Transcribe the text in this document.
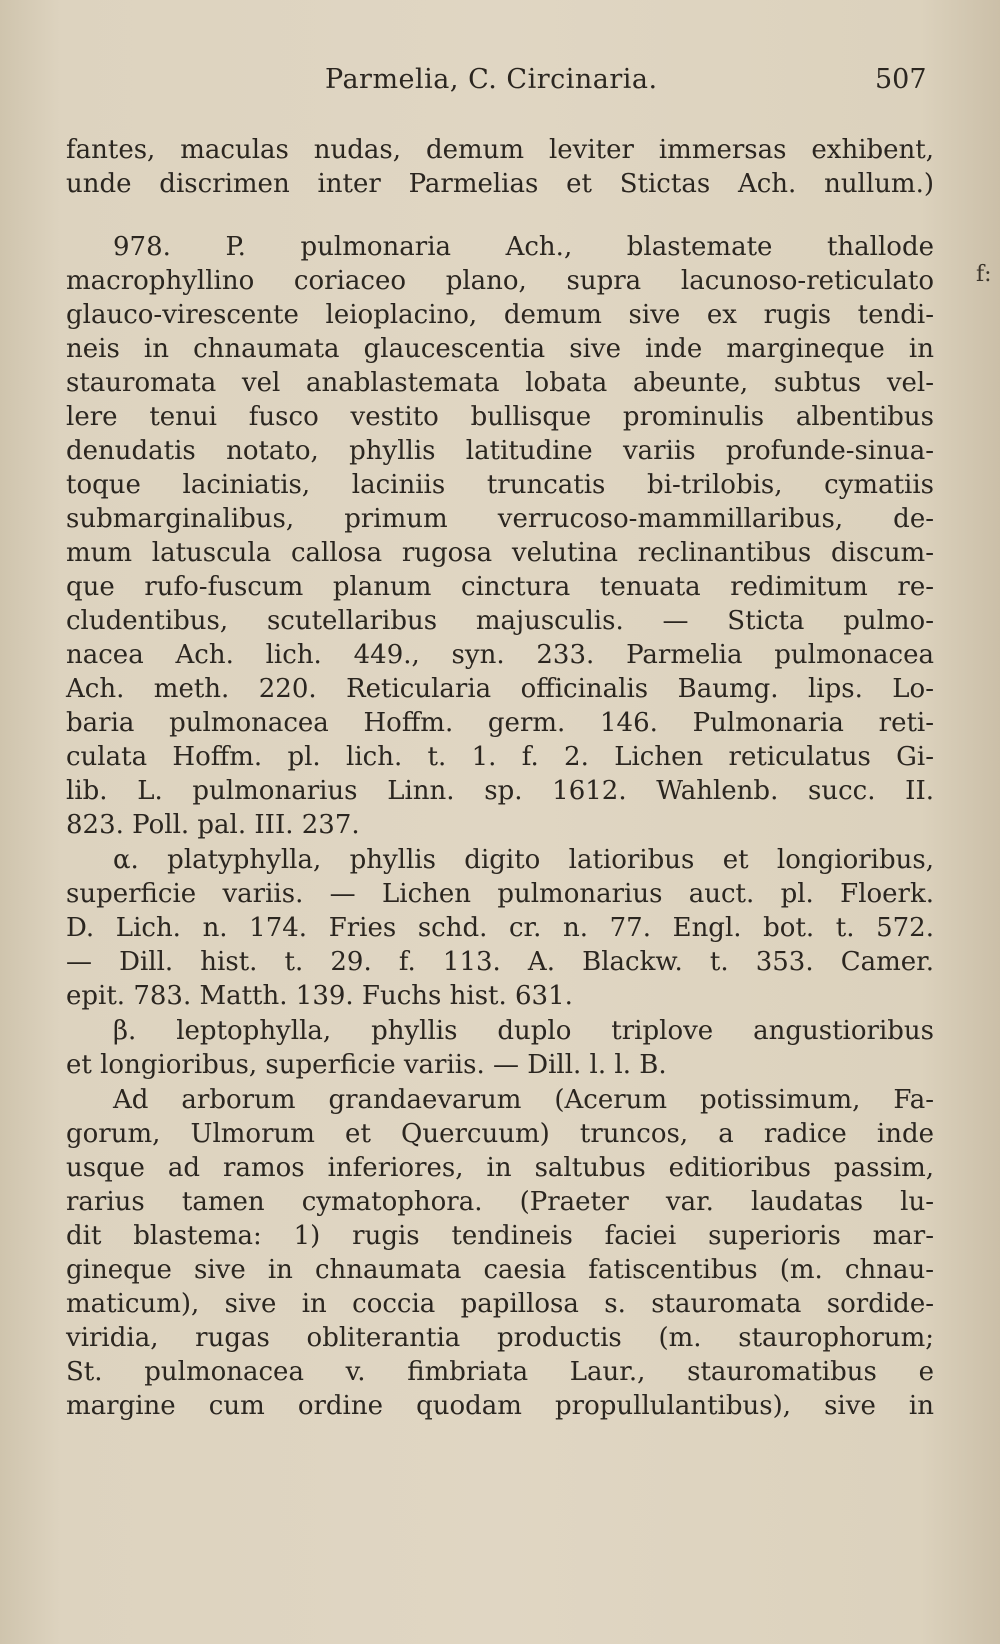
Parmelia, C. Circinaria.	507
f:
fantes, maculas nudas, demum leviter immersas exhibent,
unde discrimen inter Parmelias et Stictas Ach. nullum.)
978. P. pulmonaria Ach., blastemate thallode
macrophyllino coriaceo plano, supra lacunoso-reticulato
glauco-virescente leioplacino, demum sive ex rugis tendi-
neis in chnaumata glaucescentia sive inde margineque in
stauromata vel anablastemata lobata abeunte, subtus vel-
lere tenui fusco vestito bullisque prominulis albentibus
denudatis notato, phyllis latitudine variis profunde-sinua-
toque laciniatis, laciniis truncatis bi-trilobis, cymatiis
submarginalibus, primum verrucoso-mammillaribus, de-
mum latuscula callosa rugosa velutina reclinantibus discum-
que rufo-fuscum planum cinctura tenuata redimitum re-
cludentibus, scutellaribus majusculis. — Sticta pulmo-
nacea Ach. lich. 449., syn. 233. Parmelia pulmonacea
Ach. meth. 220. Reticularia officinalis Baumg. lips. Lo-
baria pulmonacea Hoffm. germ. 146. Pulmonaria reti-
culata Hoffm. pl. lich. t. 1. f. 2. Lichen reticulatus Gi-
lib. L. pulmonarius Linn. sp. 1612. Wahlenb. succ. II.
823. Poll. pal. III. 237.
α. platyphylla, phyllis digito latioribus et longioribus,
superficie variis. — Lichen pulmonarius auct. pl. Floerk.
D. Lich. n. 174. Fries schd. cr. n. 77. Engl. bot. t. 572.
— Dill. hist. t. 29. f. 113. A. Blackw. t. 353. Camer.
epit. 783. Matth. 139. Fuchs hist. 631.
β. leptophylla, phyllis duplo triplove angustioribus
et longioribus, superficie variis. — Dill. l. l. B.
Ad arborum grandaevarum (Acerum potissimum, Fa-
gorum, Ulmorum et Quercuum) truncos, a radice inde
usque ad ramos inferiores, in saltubus editioribus passim,
rarius tamen cymatophora. (Praeter var. laudatas lu-
dit blastema: 1) rugis tendineis faciei superioris mar-
gineque sive in chnaumata caesia fatiscentibus (m. chnau-
maticum), sive in coccia papillosa s. stauromata sordide-
viridia, rugas obliterantia productis (m. staurophorum;
St. pulmonacea v. fimbriata Laur., stauromatibus e
margine cum ordine quodam propullulantibus), sive in
